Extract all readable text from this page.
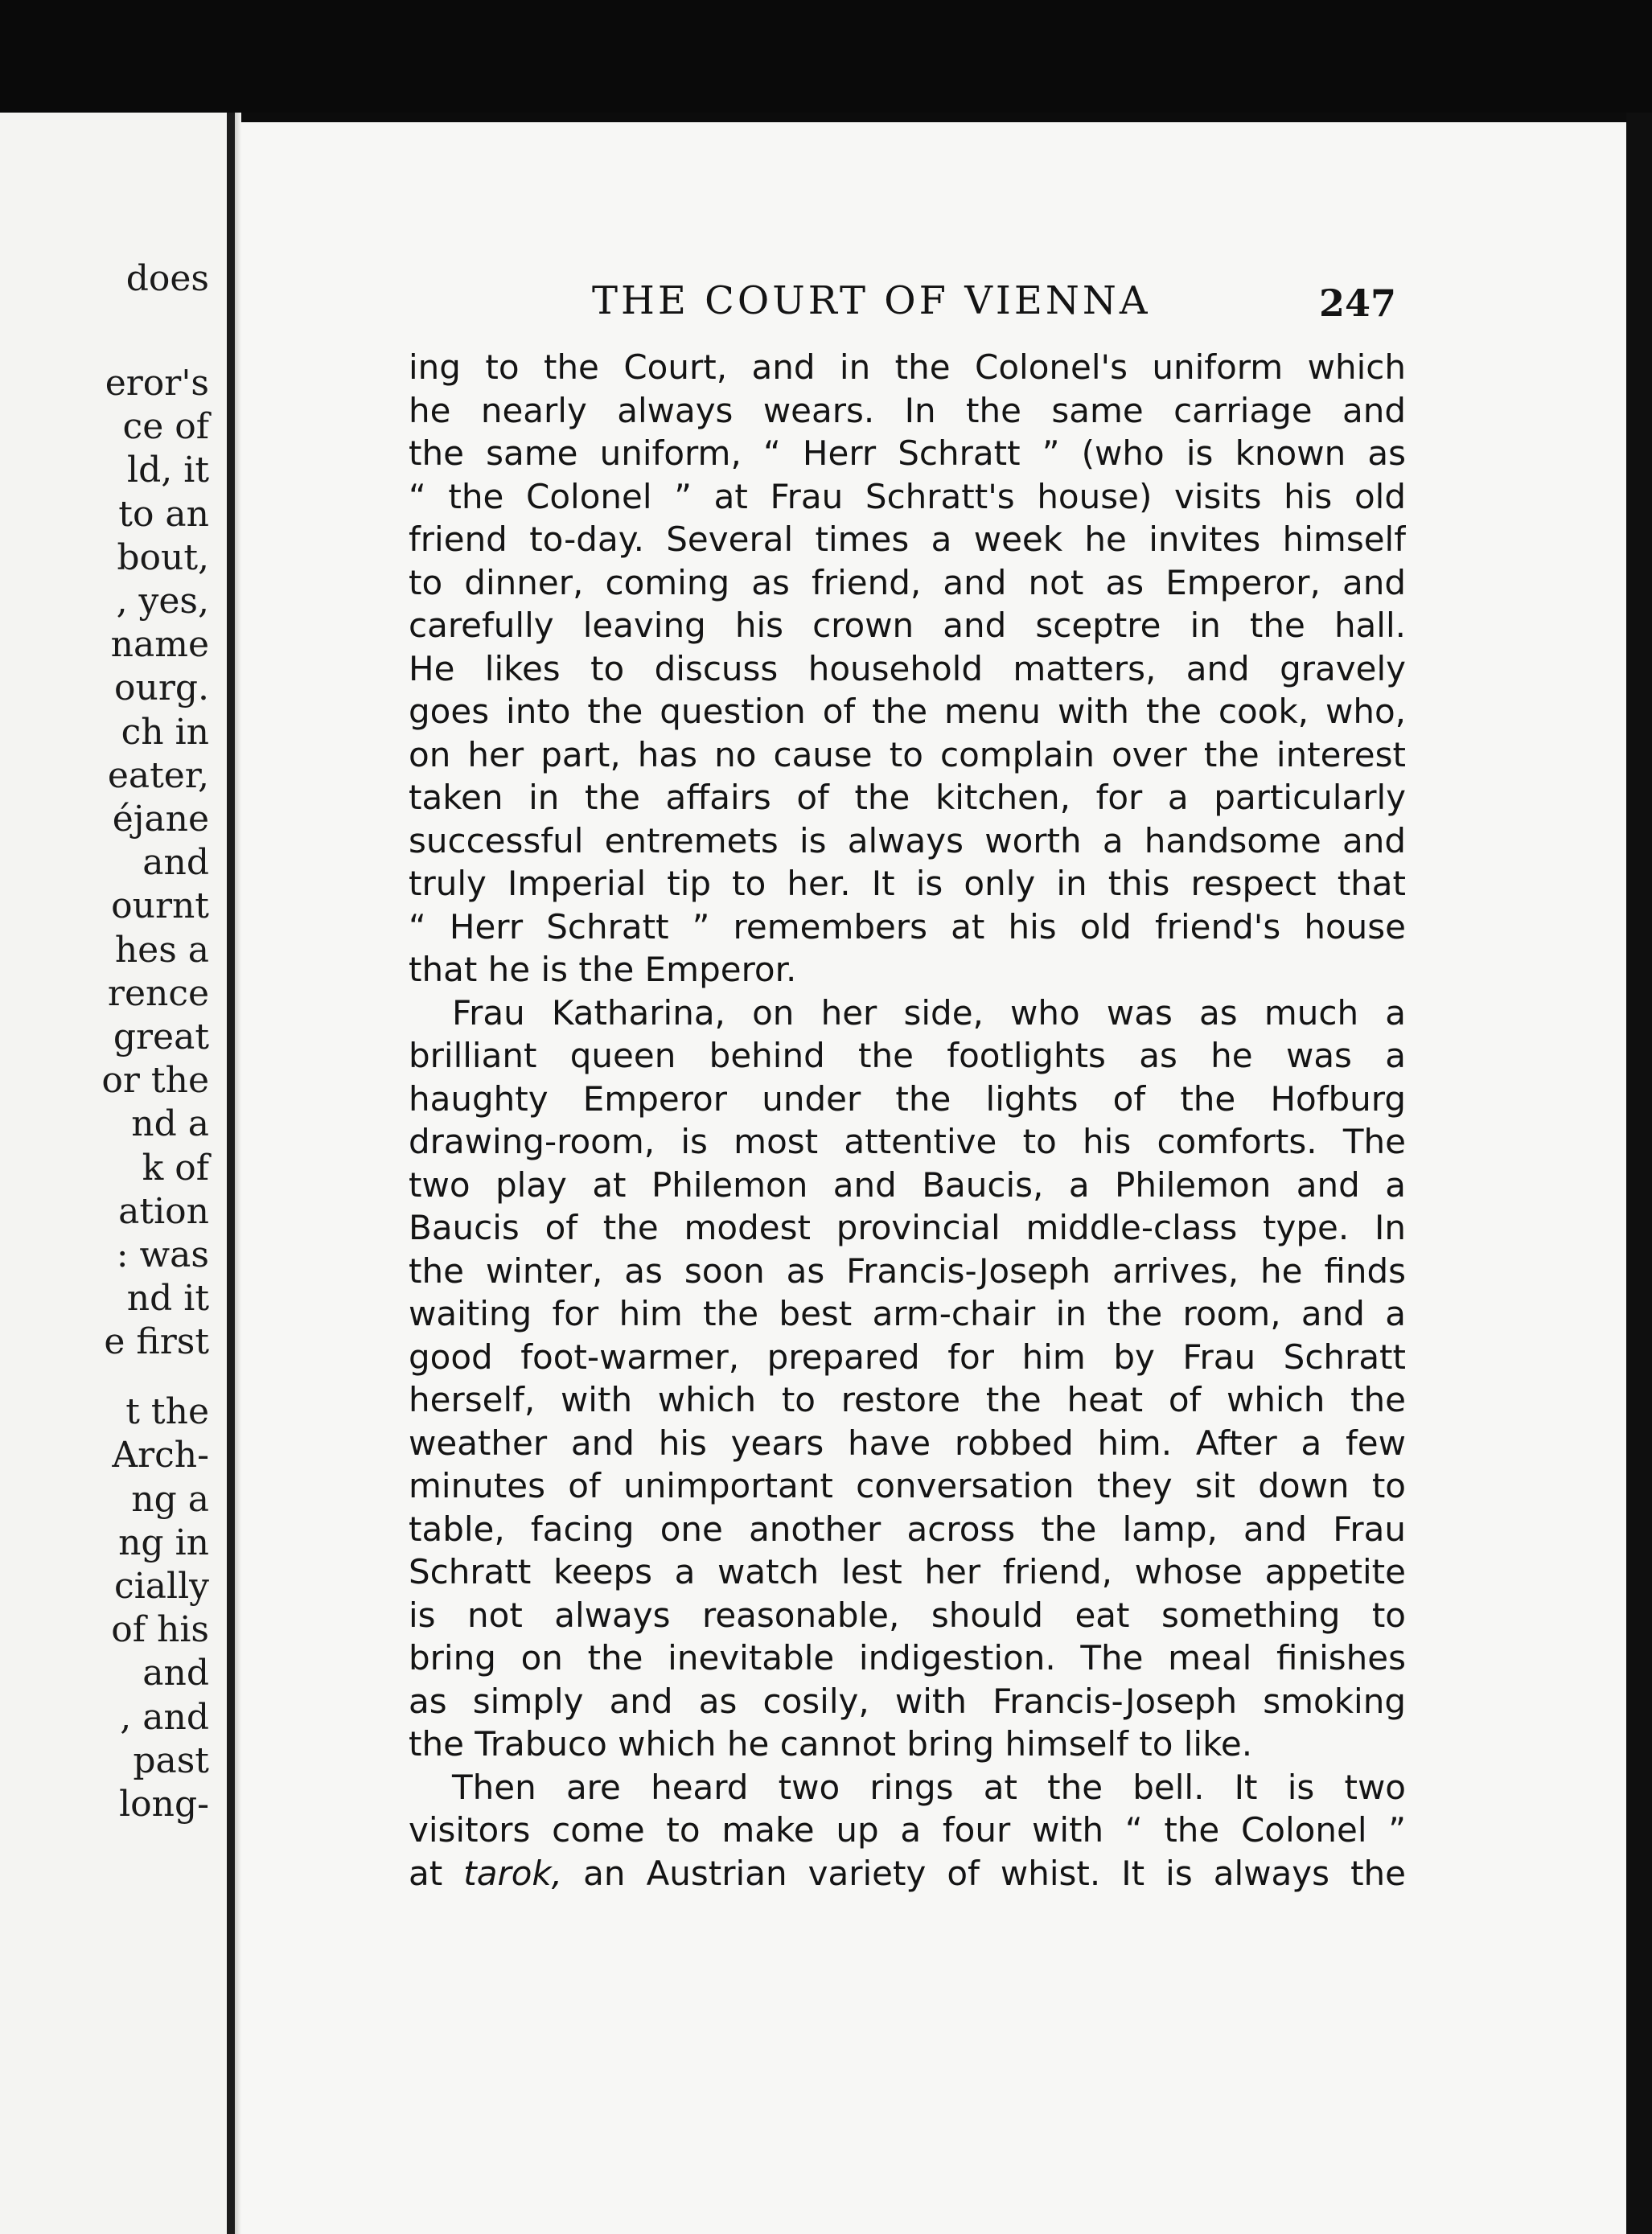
does
eror's
ce of
ld, it
to an
bout,
, yes,
name
ourg.
ch in
eater,
éjane
and
ournt
hes a
rence
great
or the
nd a
k of
ation
: was
nd it
e first
t the
Arch-
ng a
ng in
cially
of his
and
, and
past
long-
THE COURT OF VIENNA	247
ing to the Court, and in the Colonel's uniform which
he nearly always wears. In the same carriage and
the same uniform, “ Herr Schratt ” (who is known as
“ the Colonel ” at Frau Schratt's house) visits his old
friend to-day. Several times a week he invites himself
to dinner, coming as friend, and not as Emperor, and
carefully leaving his crown and sceptre in the hall.
He likes to discuss household matters, and gravely
goes into the question of the menu with the cook, who,
on her part, has no cause to complain over the interest
taken in the affairs of the kitchen, for a particularly
successful entremets is always worth a handsome and
truly Imperial tip to her. It is only in this respect that
“ Herr Schratt ” remembers at his old friend's house
that he is the Emperor.
Frau Katharina, on her side, who was as much a
brilliant queen behind the footlights as he was a
haughty Emperor under the lights of the Hofburg
drawing-room, is most attentive to his comforts. The
two play at Philemon and Baucis, a Philemon and a
Baucis of the modest provincial middle-class type. In
the winter, as soon as Francis-Joseph arrives, he finds
waiting for him the best arm-chair in the room, and a
good foot-warmer, prepared for him by Frau Schratt
herself, with which to restore the heat of which the
weather and his years have robbed him. After a few
minutes of unimportant conversation they sit down to
table, facing one another across the lamp, and Frau
Schratt keeps a watch lest her friend, whose appetite
is not always reasonable, should eat something to
bring on the inevitable indigestion. The meal finishes
as simply and as cosily, with Francis-Joseph smoking
the Trabuco which he cannot bring himself to like.
Then are heard two rings at the bell. It is two
visitors come to make up a four with “ the Colonel ”
at tarok, an Austrian variety of whist. It is always the
